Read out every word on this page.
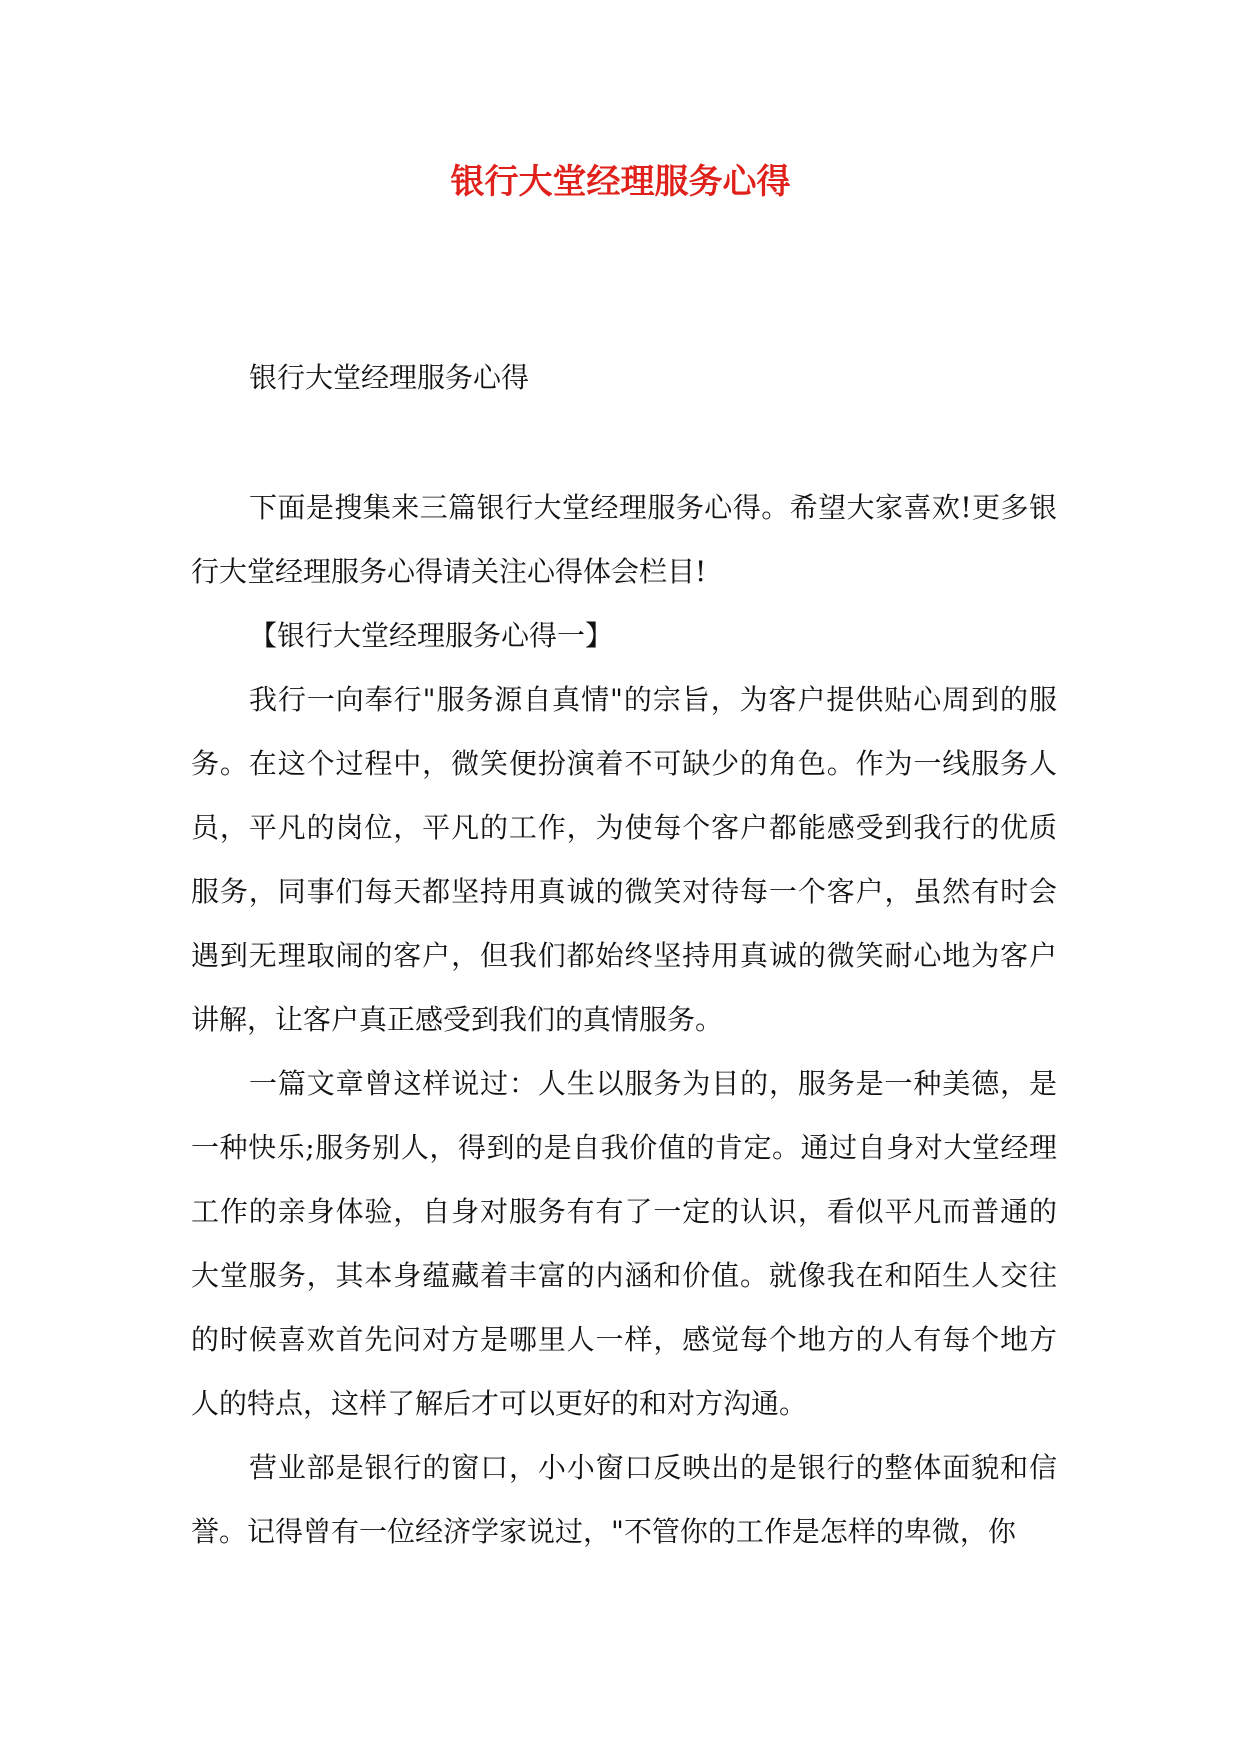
银行大堂经理服务心得
银行大堂经理服务心得

下面是搜集来三篇银行大堂经理服务心得。希望大家喜欢!更多银行大堂经理服务心得请关注心得体会栏目!

【银行大堂经理服务心得一】

我行一向奉行"服务源自真情"的宗旨，为客户提供贴心周到的服务。在这个过程中，微笑便扮演着不可缺少的角色。作为一线服务人员，平凡的岗位，平凡的工作，为使每个客户都能感受到我行的优质服务，同事们每天都坚持用真诚的微笑对待每一个客户，虽然有时会遇到无理取闹的客户，但我们都始终坚持用真诚的微笑耐心地为客户讲解，让客户真正感受到我们的真情服务。

一篇文章曾这样说过：人生以服务为目的，服务是一种美德，是一种快乐;服务别人，得到的是自我价值的肯定。通过自身对大堂经理工作的亲身体验，自身对服务有有了一定的认识，看似平凡而普通的大堂服务，其本身蕴藏着丰富的内涵和价值。就像我在和陌生人交往的时候喜欢首先问对方是哪里人一样，感觉每个地方的人有每个地方人的特点，这样了解后才可以更好的和对方沟通。

营业部是银行的窗口，小小窗口反映出的是银行的整体面貌和信誉。记得曾有一位经济学家说过，"不管你的工作是怎样的卑微，你
